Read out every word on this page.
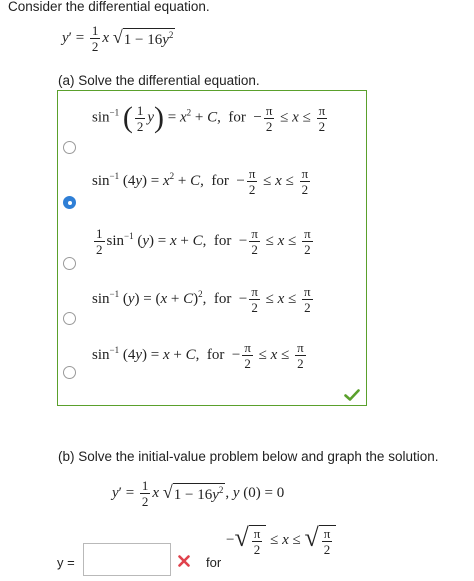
Consider the differential equation.
$y' = \frac{1}{2}$ x √ $1 - 16y^2$
(a) Solve the differential equation.
$\sin^{-1}$ ( $\frac{1}{2} y) = x^2 + C$,  for  − $\frac{\pi}{2} \le x \le \frac{\pi}{2}$
$\sin^{-1} (4y) = x^2 + C$,  for  − $\frac{\pi}{2} \le x \le \frac{\pi}{2}$
$\frac{1}{2} \sin^{-1} (y) = x + C$,  for  − $\frac{\pi}{2} \le x \le \frac{\pi}{2}$
$\sin^{-1} (y) = (x + C)^2$,  for  − $\frac{\pi}{2} \le x \le \frac{\pi}{2}$
$\sin^{-1} (4y) = x + C$,  for  − $\frac{\pi}{2} \le x \le \frac{\pi}{2}$
(b) Solve the initial-value problem below and graph the solution.
$y' = \frac{1}{2}$ x √ $1 - 16y^2$ , y (0) = 0
y =	for
− √ $\frac{\pi}{2} \le x$ ≤ √ $\frac{\pi}{2}$
